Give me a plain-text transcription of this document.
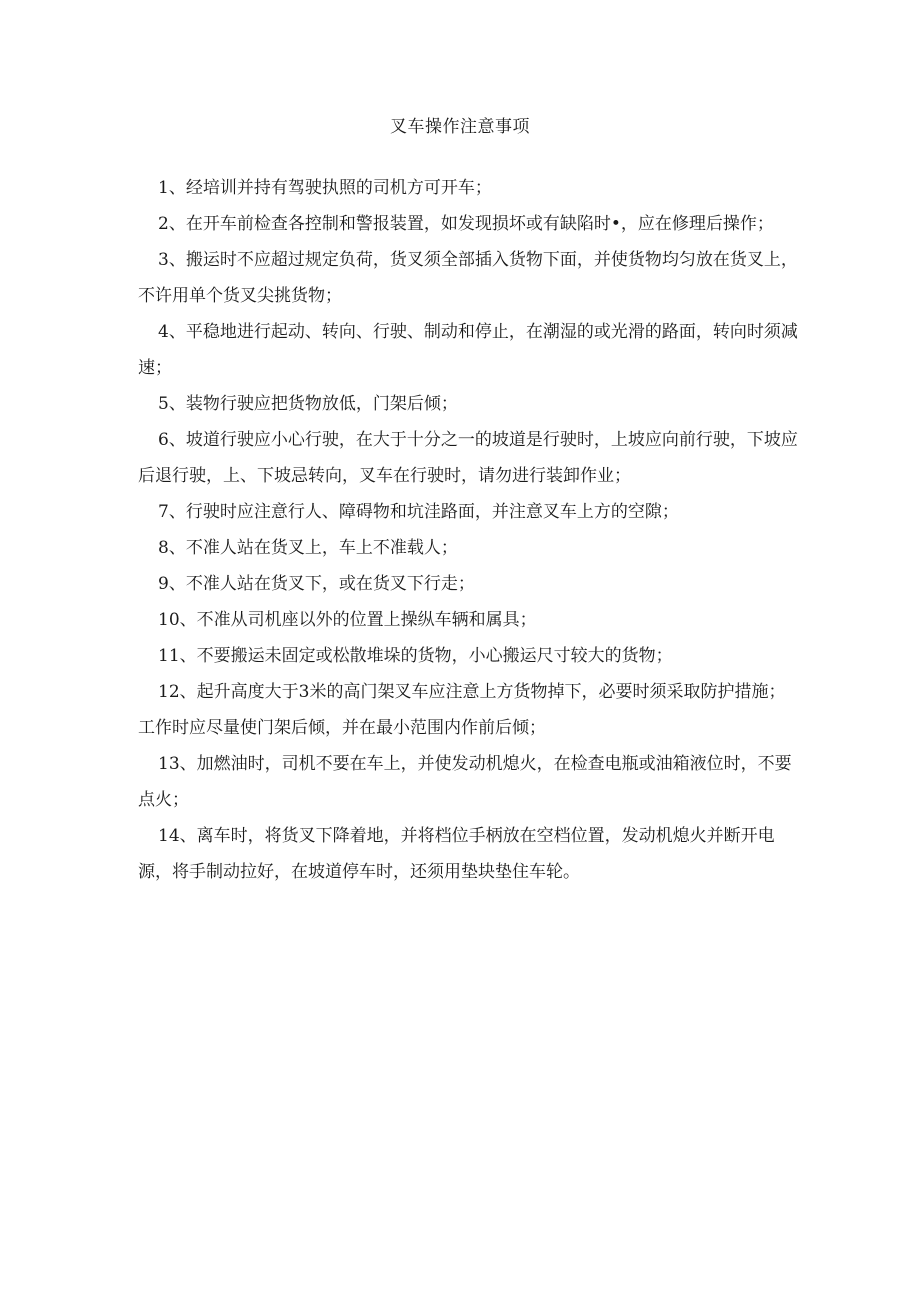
叉车操作注意事项
1、经培训并持有驾驶执照的司机方可开车；
2、在开车前检查各控制和警报装置，如发现损坏或有缺陷时•，应在修理后操作；
3、搬运时不应超过规定负荷，货叉须全部插入货物下面，并使货物均匀放在货叉上，不许用单个货叉尖挑货物；
4、平稳地进行起动、转向、行驶、制动和停止，在潮湿的或光滑的路面，转向时须减速；
5、装物行驶应把货物放低，门架后倾；
6、坡道行驶应小心行驶，在大于十分之一的坡道是行驶时，上坡应向前行驶，下坡应后退行驶，上、下坡忌转向，叉车在行驶时，请勿进行装卸作业；
7、行驶时应注意行人、障碍物和坑洼路面，并注意叉车上方的空隙；
8、不准人站在货叉上，车上不准载人；
9、不准人站在货叉下，或在货叉下行走；
10、不准从司机座以外的位置上操纵车辆和属具；
11、不要搬运未固定或松散堆垛的货物，小心搬运尺寸较大的货物；
12、起升高度大于3米的高门架叉车应注意上方货物掉下，必要时须采取防护措施；工作时应尽量使门架后倾，并在最小范围内作前后倾；
13、加燃油时，司机不要在车上，并使发动机熄火，在检查电瓶或油箱液位时，不要点火；
14、离车时，将货叉下降着地，并将档位手柄放在空档位置，发动机熄火并断开电源，将手制动拉好，在坡道停车时，还须用垫块垫住车轮。
